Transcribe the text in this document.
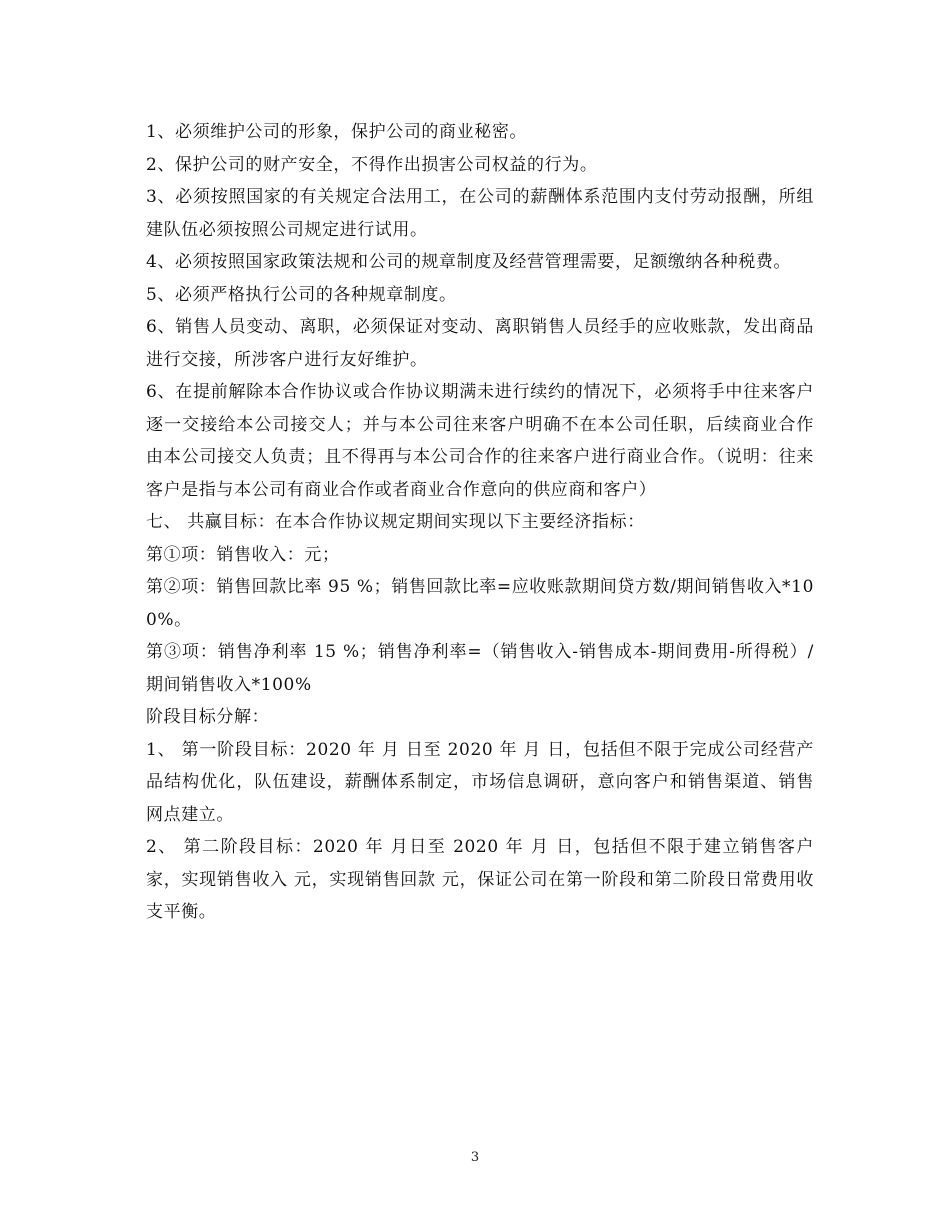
1、必须维护公司的形象，保护公司的商业秘密。

2、保护公司的财产安全，不得作出损害公司权益的行为。

3、必须按照国家的有关规定合法用工，在公司的薪酬体系范围内支付劳动报酬，所组建队伍必须按照公司规定进行试用。

4、必须按照国家政策法规和公司的规章制度及经营管理需要，足额缴纳各种税费。

5、必须严格执行公司的各种规章制度。

6、销售人员变动、离职，必须保证对变动、离职销售人员经手的应收账款，发出商品进行交接，所涉客户进行友好维护。

6、在提前解除本合作协议或合作协议期满未进行续约的情况下，必须将手中往来客户逐一交接给本公司接交人；并与本公司往来客户明确不在本公司任职，后续商业合作由本公司接交人负责；且不得再与本公司合作的往来客户进行商业合作。（说明：往来客户是指与本公司有商业合作或者商业合作意向的供应商和客户）

七、 共赢目标：在本合作协议规定期间实现以下主要经济指标：

第①项：销售收入：元；

第②项：销售回款比率 95 %；销售回款比率=应收账款期间贷方数/期间销售收入*100%。

第③项：销售净利率 15 %；销售净利率=（销售收入-销售成本-期间费用-所得税）/期间销售收入*100%

阶段目标分解：

1、 第一阶段目标：2020 年 月 日至 2020 年 月 日，包括但不限于完成公司经营产品结构优化，队伍建设，薪酬体系制定，市场信息调研，意向客户和销售渠道、销售网点建立。

2、 第二阶段目标：2020 年 月日至 2020 年 月 日，包括但不限于建立销售客户家，实现销售收入 元，实现销售回款 元，保证公司在第一阶段和第二阶段日常费用收支平衡。

3
